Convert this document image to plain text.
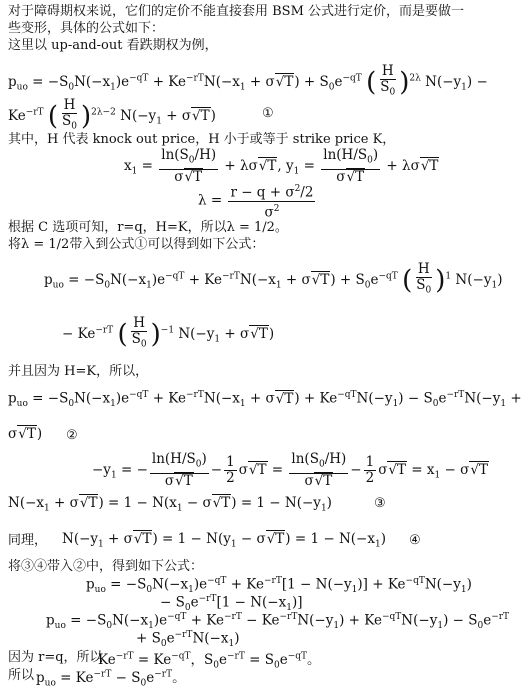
对于障碍期权来说，它们的定价不能直接套用 BSM 公式进行定价，而是要做一
些变形，具体的公式如下：
这里以 up-and-out 看跌期权为例，
$p_{uo} = -S_0N(-x_1)e^{-qT} + Ke^{-rT}N(-x_1 + \sigma√T) + S_0e^{-qT}$ ( $\frac{H}{S_0} )^{2\lambda}$ $N(-y_1)$ −
$Ke^{-rT}$ ( $\frac{H}{S_0} )^{2\lambda-2}$ $N(-y_1 + \sigma√T)$	①
其中，H 代表 knock out price，H 小于或等于 strike price K，
$x_1 = \frac{\ln(S_0/H)}{\sigma√T} + \lambda\sigma√T$, $y_1 = \frac{\ln(H/S_0)}{\sigma√T} + \lambda\sigma√T$
$\lambda = \frac{r - q + \sigma^2/2}{\sigma^2}$
根据 C 选项可知，r=q，H=K，所以λ = 1/2。
将λ = 1/2带入到公式①可以得到如下公式：
$p_{uo} = -S_0N(-x_1)e^{-qT} + Ke^{-rT}N(-x_1 + \sigma√T) + S_0e^{-qT}$ ( $\frac{H}{S_0} )^1$ $N(-y_1)$
− $Ke^{-rT}$ ( $\frac{H}{S_0} )^{-1}$ $N(-y_1 + \sigma√T)$
并且因为 H=K，所以，
$p_{uo} = -S_0N(-x_1)e^{-qT} + Ke^{-rT}N(-x_1 + \sigma√T) + Ke^{-qT}N(-y_1) - S_0e^{-rT}N(-y_1$ +
σ√T) ②
$-y_1$ = − $\frac{\ln(H/S_0)}{\sigma√T} - \frac{1}{2} \sigma√T = \frac{\ln(S_0/H)}{\sigma√T} - \frac{1}{2} \sigma√T = x_1 - \sigma√T$
$N(-x_1 + \sigma√T) = 1 - N(x_1 - \sigma√T) = 1 - N(-y_1)$	③
同理， $N(-y_1 + \sigma√T) = 1 - N(y_1 - \sigma√T) = 1 - N(-x_1)$ ④
将③④带入②中，得到如下公式：
$p_{uo} = -S_0N(-x_1)e^{-qT} + Ke^{-rT}[1 - N(-y_1)] + Ke^{-qT}N(-y_1)$
− $S_0e^{-rT}[1 - N(-x_1)]$
$p_{uo} = -S_0N(-x_1)e^{-qT} + Ke^{-rT} - Ke^{-rT}N(-y_1) + Ke^{-qT}N(-y_1) - S_0e^{-rT}$
+ $S_0e^{-rT}N(-x_1)$
因为 r=q，所以
$Ke^{-rT} = Ke^{-qT}$，$S_0e^{-rT} = S_0e^{-qT}$。
所以 $p_{uo} = Ke^{-rT} - S_0e^{-rT}$。
